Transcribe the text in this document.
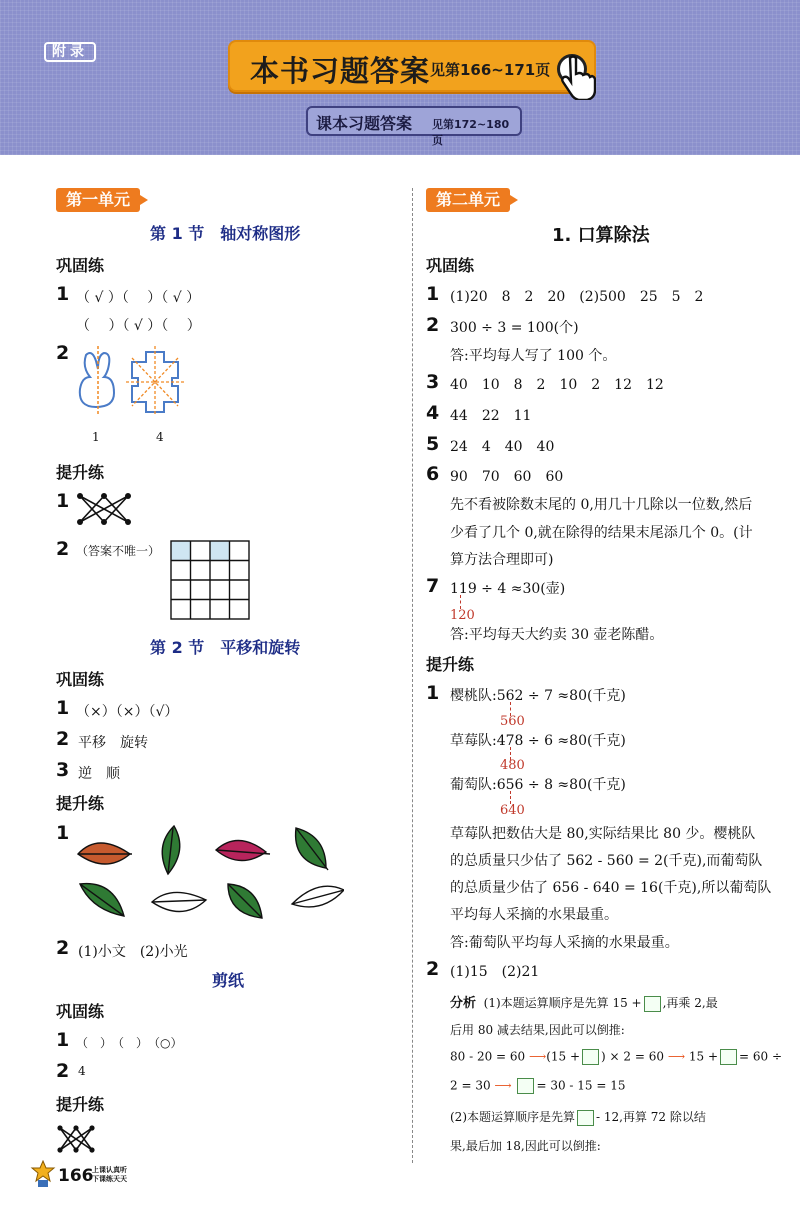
附录
本书习题答案 见第166~171页
课本习题答案 见第172~180页
第一单元
第 1 节　轴对称图形
巩固练
1 （ √ ）（　 ）（ √ ）
（　 ）（ √ ）（　 ）
2
1	4
提升练
1
2 （答案不唯一）
第 2 节　平移和旋转
巩固练
1 （×）（×）（√）
2 平移　旋转
3 逆　顺
提升练
1
2 (1)小文　(2)小光
剪纸
巩固练
1 （　）　（　）　（○）
2 4
提升练
第二单元
1. 口算除法
巩固练
1 (1)20　8　2　20　(2)500　25　5　2
2 300 ÷ 3 = 100(个)
答:平均每人写了 100 个。
3 40　10　8　2　10　2　12　12
4 44　22　11
5 24　4　40　40
6 90　70　60　60
先不看被除数末尾的 0,用几十几除以一位数,然后
少看了几个 0,就在除得的结果末尾添几个 0。(计
算方法合理即可)
7 119 ÷ 4 ≈30(壶)
120
答:平均每天大约卖 30 壶老陈醋。
提升练
1 樱桃队:562 ÷ 7 ≈80(千克)
560
草莓队:478 ÷ 6 ≈80(千克)
480
葡萄队:656 ÷ 8 ≈80(千克)
640
草莓队把数估大是 80,实际结果比 80 少。樱桃队
的总质量只少估了 562 - 560 = 2(千克),而葡萄队
的总质量少估了 656 - 640 = 16(千克),所以葡萄队
平均每人采摘的水果最重。
答:葡萄队平均每人采摘的水果最重。
2 (1)15　(2)21
分析 (1)本题运算顺序是先算 15 + ,再乘 2,最
后用 80 减去结果,因此可以倒推:
80 - 20 = 60 ⟶(15 + ) × 2 = 60 ⟶ 15 + = 60 ÷
2 = 30 ⟶ = 30 - 15 = 15
(2)本题运算顺序是先算 - 12,再算 72 除以结
果,最后加 18,因此可以倒推:
166
上课认真听
下课练天天
